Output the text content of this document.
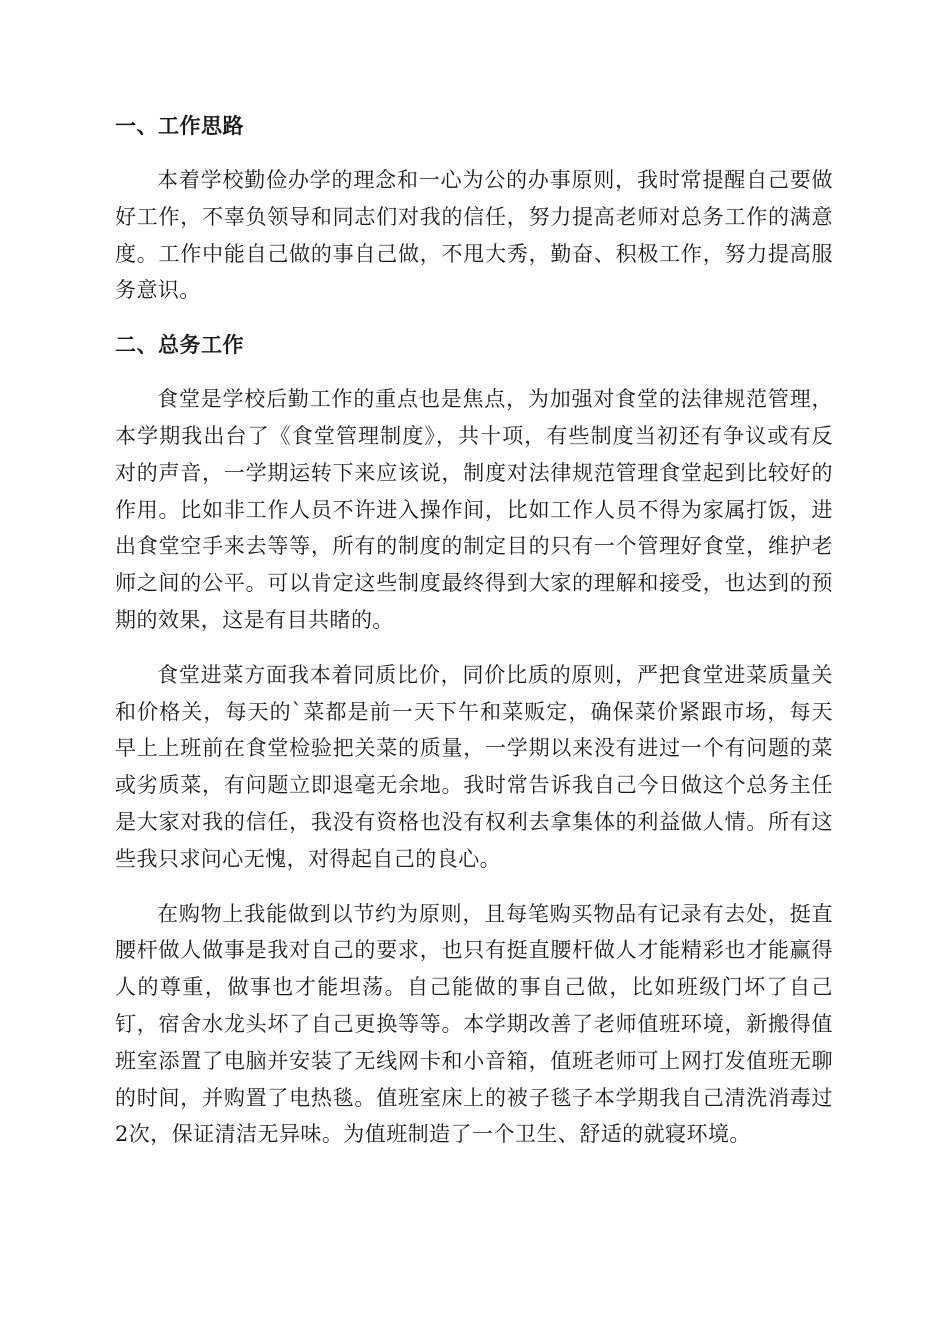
一、工作思路

本着学校勤俭办学的理念和一心为公的办事原则，我时常提醒自己要做好工作，不辜负领导和同志们对我的信任，努力提高老师对总务工作的满意度。工作中能自己做的事自己做，不甩大秀，勤奋、积极工作，努力提高服务意识。

二、总务工作

食堂是学校后勤工作的重点也是焦点，为加强对食堂的法律规范管理，本学期我出台了《食堂管理制度》，共十项，有些制度当初还有争议或有反对的声音，一学期运转下来应该说，制度对法律规范管理食堂起到比较好的作用。比如非工作人员不许进入操作间，比如工作人员不得为家属打饭，进出食堂空手来去等等，所有的制度的制定目的只有一个管理好食堂，维护老师之间的公平。可以肯定这些制度最终得到大家的理解和接受，也达到的预期的效果，这是有目共睹的。

食堂进菜方面我本着同质比价，同价比质的原则，严把食堂进菜质量关和价格关，每天的`菜都是前一天下午和菜贩定，确保菜价紧跟市场，每天早上上班前在食堂检验把关菜的质量，一学期以来没有进过一个有问题的菜或劣质菜，有问题立即退毫无余地。我时常告诉我自己今日做这个总务主任是大家对我的信任，我没有资格也没有权利去拿集体的利益做人情。所有这些我只求问心无愧，对得起自己的良心。

在购物上我能做到以节约为原则，且每笔购买物品有记录有去处，挺直腰杆做人做事是我对自己的要求，也只有挺直腰杆做人才能精彩也才能赢得人的尊重，做事也才能坦荡。自己能做的事自己做，比如班级门坏了自己钉，宿舍水龙头坏了自己更换等等。本学期改善了老师值班环境，新搬得值班室添置了电脑并安装了无线网卡和小音箱，值班老师可上网打发值班无聊的时间，并购置了电热毯。值班室床上的被子毯子本学期我自己清洗消毒过2次，保证清洁无异味。为值班制造了一个卫生、舒适的就寝环境。
